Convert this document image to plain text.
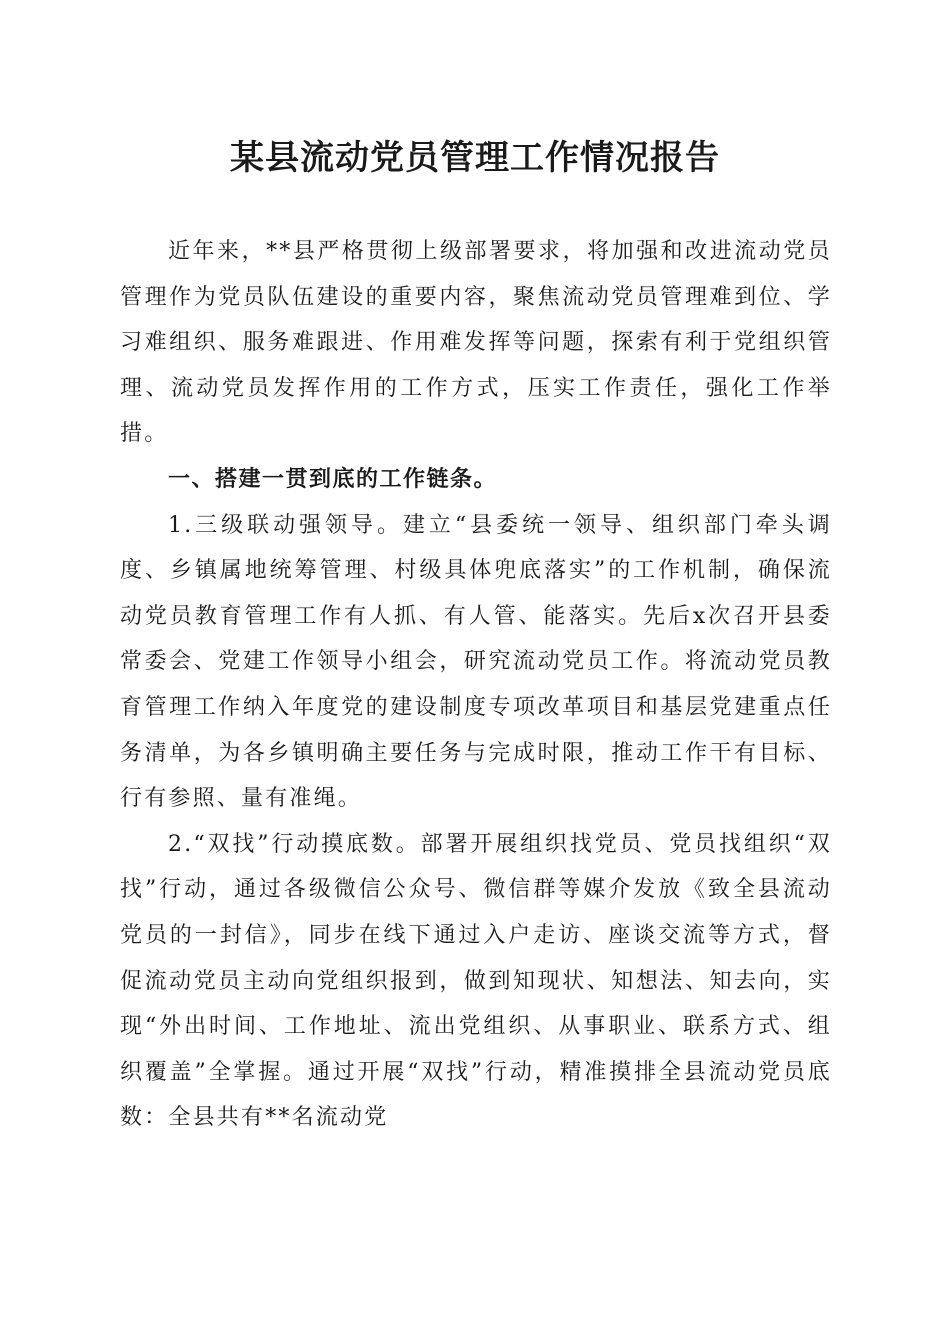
某县流动党员管理工作情况报告

近年来，**县严格贯彻上级部署要求，将加强和改进流动党员管理作为党员队伍建设的重要内容，聚焦流动党员管理难到位、学习难组织、服务难跟进、作用难发挥等问题，探索有利于党组织管理、流动党员发挥作用的工作方式，压实工作责任，强化工作举措。

一、搭建一贯到底的工作链条。

1.三级联动强领导。建立“县委统一领导、组织部门牵头调度、乡镇属地统筹管理、村级具体兜底落实”的工作机制，确保流动党员教育管理工作有人抓、有人管、能落实。先后x次召开县委常委会、党建工作领导小组会，研究流动党员工作。将流动党员教育管理工作纳入年度党的建设制度专项改革项目和基层党建重点任务清单，为各乡镇明确主要任务与完成时限，推动工作干有目标、行有参照、量有准绳。

2.“双找”行动摸底数。部署开展组织找党员、党员找组织“双找”行动，通过各级微信公众号、微信群等媒介发放《致全县流动党员的一封信》，同步在线下通过入户走访、座谈交流等方式，督促流动党员主动向党组织报到，做到知现状、知想法、知去向，实现“外出时间、工作地址、流出党组织、从事职业、联系方式、组织覆盖”全掌握。通过开展“双找”行动，精准摸排全县流动党员底数：全县共有**名流动党
